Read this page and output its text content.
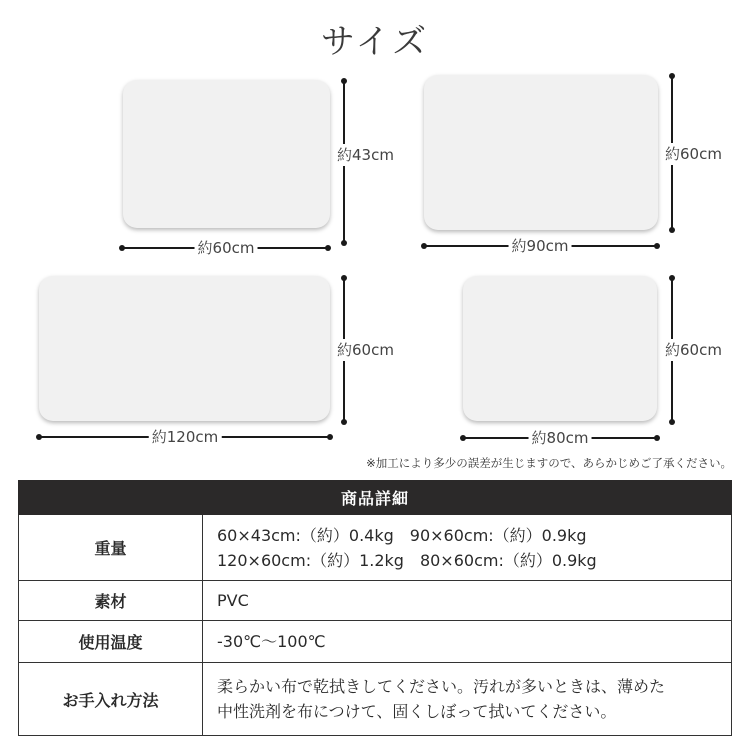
サイズ
約43cm
約60cm
約60cm
約90cm
約60cm
約120cm
約60cm
約80cm
※加工により多少の誤差が生じますので、あらかじめご了承ください。
商品詳細	
重量	60×43cm:（約）0.4kg　90×60cm:（約）0.9kg
120×60cm:（約）1.2kg　80×60cm:（約）0.9kg

素材	PVC
使用温度	-30℃～100℃
お手入れ方法	柔らかい布で乾拭きしてください。汚れが多いときは、薄めた
中性洗剤を布につけて、固くしぼって拭いてください。
